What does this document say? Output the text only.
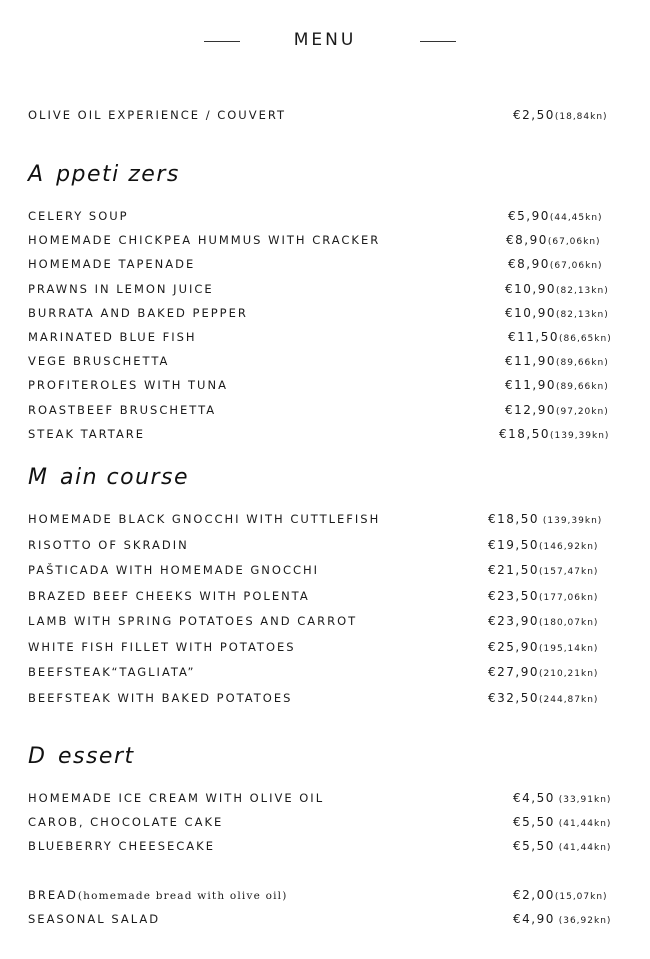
MENU
OLIVE OIL EXPERIENCE / COUVERT	€2,50(18,84kn)
A ppeti zers
CELERY SOUP	€5,90(44,45kn)
HOMEMADE CHICKPEA HUMMUS WITH CRACKER	€8,90(67,06kn)
HOMEMADE TAPENADE	€8,90(67,06kn)
PRAWNS IN LEMON JUICE	€10,90(82,13kn)
BURRATA AND BAKED PEPPER	€10,90(82,13kn)
MARINATED BLUE FISH	€11,50(86,65kn)
VEGE BRUSCHETTA	€11,90(89,66kn)
PROFITEROLES WITH TUNA	€11,90(89,66kn)
ROASTBEEF BRUSCHETTA	€12,90(97,20kn)
STEAK TARTARE	€18,50(139,39kn)
M ain course
HOMEMADE BLACK GNOCCHI WITH CUTTLEFISH	€18,50 (139,39kn)
RISOTTO OF SKRADIN	€19,50(146,92kn)
PAŠTICADA WITH HOMEMADE GNOCCHI	€21,50(157,47kn)
BRAZED BEEF CHEEKS WITH POLENTA	€23,50(177,06kn)
LAMB WITH SPRING POTATOES AND CARROT	€23,90(180,07kn)
WHITE FISH FILLET WITH POTATOES	€25,90(195,14kn)
BEEFSTEAK“TAGLIATA”	€27,90(210,21kn)
BEEFSTEAK WITH BAKED POTATOES	€32,50(244,87kn)
D essert
HOMEMADE ICE CREAM WITH OLIVE OIL	€4,50 (33,91kn)
CAROB, CHOCOLATE CAKE	€5,50 (41,44kn)
BLUEBERRY CHEESECAKE	€5,50 (41,44kn)
BREAD(homemade bread with olive oil)	€2,00(15,07kn)
SEASONAL SALAD	€4,90 (36,92kn)
